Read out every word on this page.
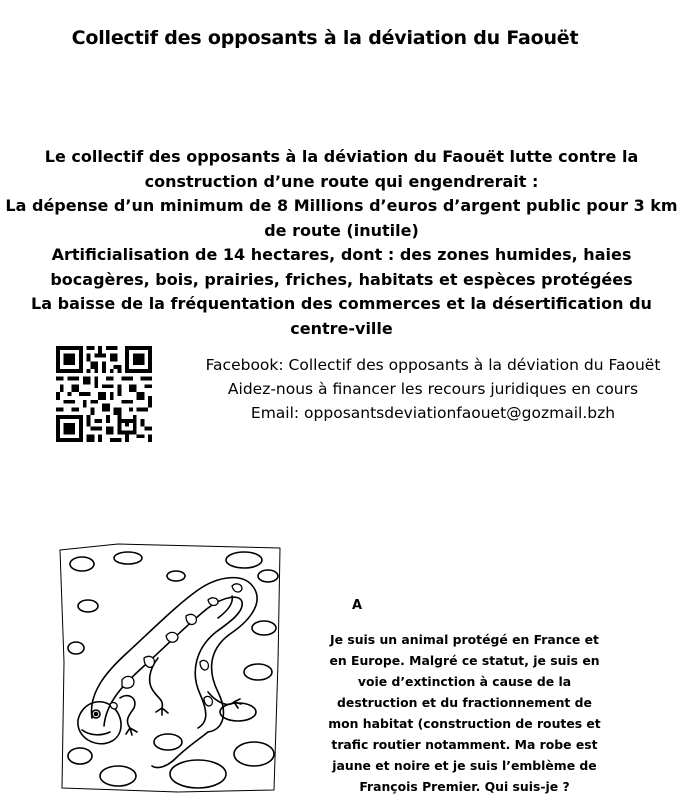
Collectif des opposants à la déviation du Faouët
Le collectif des opposants à la déviation du Faouët lutte contre la
construction d’une route qui engendrerait :
La dépense d’un minimum de 8 Millions d’euros d’argent public pour 3 km
de route (inutile)
Artificialisation de 14 hectares, dont : des zones humides, haies
bocagères, bois, prairies, friches, habitats et espèces protégées
La baisse de la fréquentation des commerces et la désertification du
centre-ville
Facebook: Collectif des opposants à la déviation du Faouët
Aidez-nous à financer les recours juridiques en cours
Email: opposantsdeviationfaouet@gozmail.bzh
A
Je suis un animal protégé en France et
en Europe. Malgré ce statut, je suis en
voie d’extinction à cause de la
destruction et du fractionnement de
mon habitat (construction de routes et
trafic routier notamment. Ma robe est
jaune et noire et je suis l’emblème de
François Premier. Qui suis-je ?
